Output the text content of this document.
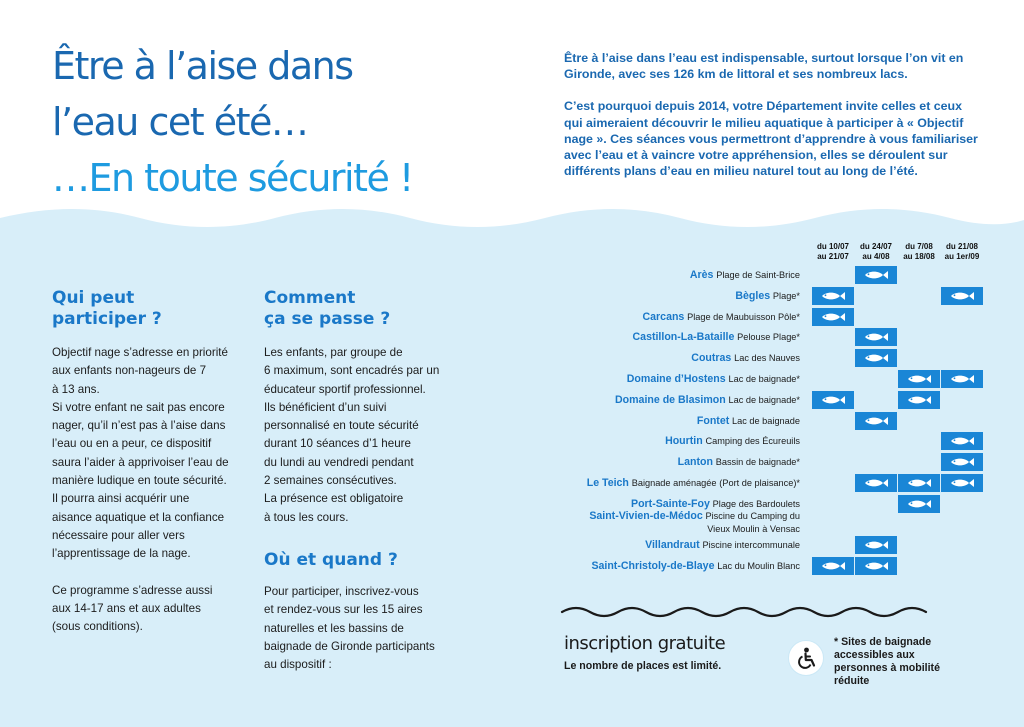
Être à l’aise dans
l’eau cet été…
…En toute sécurité !

Être à l’aise dans l’eau est indispensable, surtout lorsque l’on vit en Gironde, avec ses 126 km de littoral et ses nombreux lacs.

C’est pourquoi depuis 2014, votre Département invite celles et ceux qui aimeraient découvrir le milieu aquatique à participer à « Objectif nage ». Ces séances vous permettront d’apprendre à vous familiariser avec l’eau et à vaincre votre appréhension, elles se déroulent sur différents plans d’eau en milieu naturel tout au long de l’été.

Qui peut
participer ?

Objectif nage s’adresse en priorité
aux enfants non-nageurs de 7
à 13 ans.
Si votre enfant ne sait pas encore
nager, qu’il n’est pas à l’aise dans
l’eau ou en a peur, ce dispositif
saura l’aider à apprivoiser l’eau de
manière ludique en toute sécurité.
Il pourra ainsi acquérir une
aisance aquatique et la confiance
nécessaire pour aller vers
l’apprentissage de la nage.

Ce programme s’adresse aussi
aux 14-17 ans et aux adultes
(sous conditions).

Comment
ça se passe ?

Les enfants, par groupe de
6 maximum, sont encadrés par un
éducateur sportif professionnel.
Ils bénéficient d’un suivi
personnalisé en toute sécurité
durant 10 séances d’1 heure
du lundi au vendredi pendant
2 semaines consécutives.
La présence est obligatoire
à tous les cours.

Où et quand ?

Pour participer, inscrivez-vous
et rendez-vous sur les 15 aires
naturelles et les bassins de
baignade de Gironde participants
au dispositif :

du 10/07
au 21/07
du 24/07
au 4/08
du 7/08
au 18/08
du 21/08
au 1er/09
Arès Plage de Saint-Brice
Bègles Plage*
Carcans Plage de Maubuisson Pôle*
Castillon-La-Bataille Pelouse Plage*
Coutras Lac des Nauves
Domaine d’Hostens Lac de baignade*
Domaine de Blasimon Lac de baignade*
Fontet Lac de baignade
Hourtin Camping des Écureuils
Lanton Bassin de baignade*
Le Teich Baignade aménagée (Port de plaisance)*
Port-Sainte-Foy Plage des Bardoulets
Saint-Vivien-de-Médoc Piscine du Camping du
Vieux Moulin à Vensac
Villandraut Piscine intercommunale
Saint-Christoly-de-Blaye Lac du Moulin Blanc

inscription gratuite

Le nombre de places est limité.

* Sites de baignade
accessibles aux
personnes à mobilité
réduite
